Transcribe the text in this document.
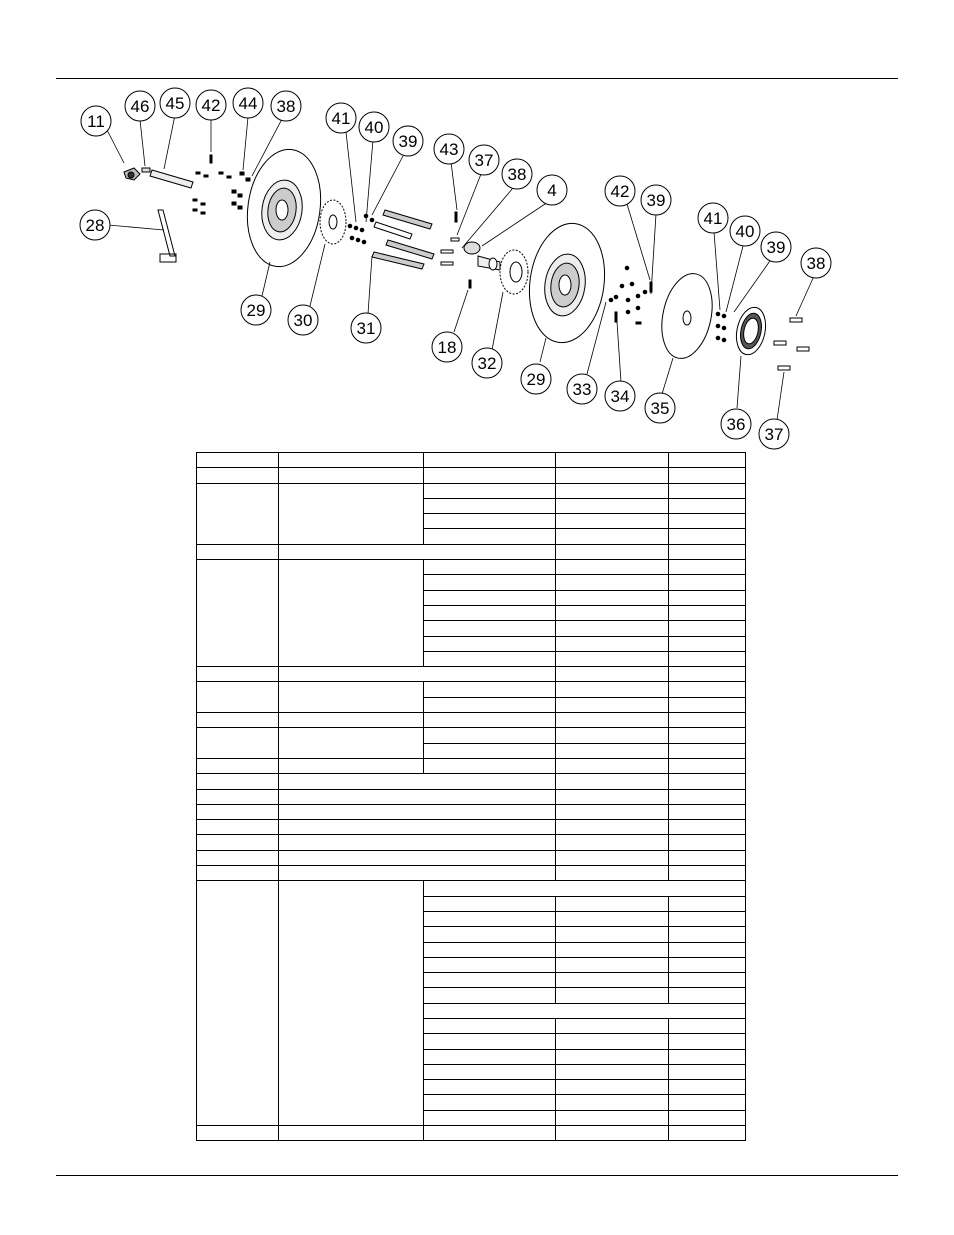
11
46 45 42 44 38
41 40
39 43
37
38
4	42 39
41
40
39
38
28
29
30	31
18
32
29
33 34
35
36
37
